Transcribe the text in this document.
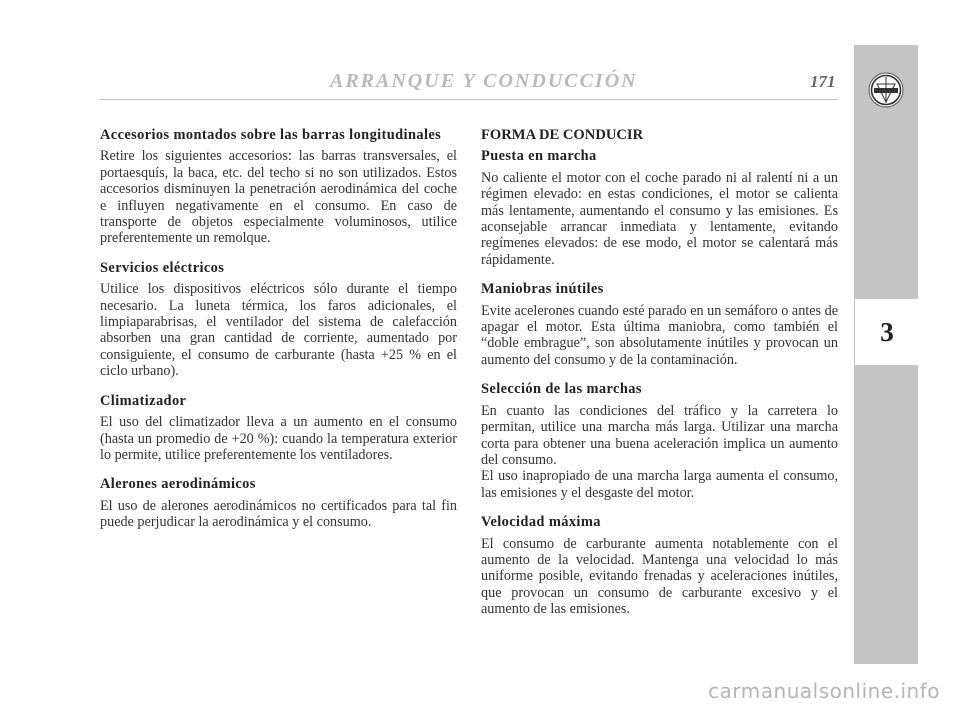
ARRANQUE Y CONDUCCIÓN	171
3
Accesorios montados sobre las barras longitudinales

Retire los siguientes accesorios: las barras transversales, el portaesquís, la baca, etc. del techo si no son utilizados. Estos accesorios disminuyen la penetración aerodinámica del coche e influyen negativamente en el consumo. En caso de transporte de objetos especialmente voluminosos, utilice preferentemente un remolque.

Servicios eléctricos

Utilice los dispositivos eléctricos sólo durante el tiempo necesario. La luneta térmica, los faros adicionales, el limpiaparabrisas, el ventilador del sistema de calefacción absorben una gran cantidad de corriente, aumentado por consiguiente, el consumo de carburante (hasta +25 % en el ciclo urbano).

Climatizador

El uso del climatizador lleva a un aumento en el consumo (hasta un promedio de +20 %): cuando la temperatura exterior lo permite, utilice preferentemente los ventiladores.

Alerones aerodinámicos

El uso de alerones aerodinámicos no certificados para tal fin puede perjudicar la aerodinámica y el consumo.

FORMA DE CONDUCIR
Puesta en marcha

No caliente el motor con el coche parado ni al ralentí ni a un régimen elevado: en estas condiciones, el motor se calienta más lentamente, aumentando el consumo y las emisiones. Es aconsejable arrancar inmediata y lentamente, evitando regímenes elevados: de ese modo, el motor se calentará más rápidamente.

Maniobras inútiles

Evite acelerones cuando esté parado en un semáforo o antes de apagar el motor. Esta última maniobra, como también el “doble embrague”, son absolutamente inútiles y provocan un aumento del consumo y de la contaminación.

Selección de las marchas

En cuanto las condiciones del tráfico y la carretera lo permitan, utilice una marcha más larga. Utilizar una marcha corta para obtener una buena aceleración implica un aumento del consumo.

El uso inapropiado de una marcha larga aumenta el consumo, las emisiones y el desgaste del motor.

Velocidad máxima

El consumo de carburante aumenta notablemente con el aumento de la velocidad. Mantenga una velocidad lo más uniforme posible, evitando frenadas y aceleraciones inútiles, que provocan un consumo de carburante excesivo y el aumento de las emisiones.

carmanualsonline.info
